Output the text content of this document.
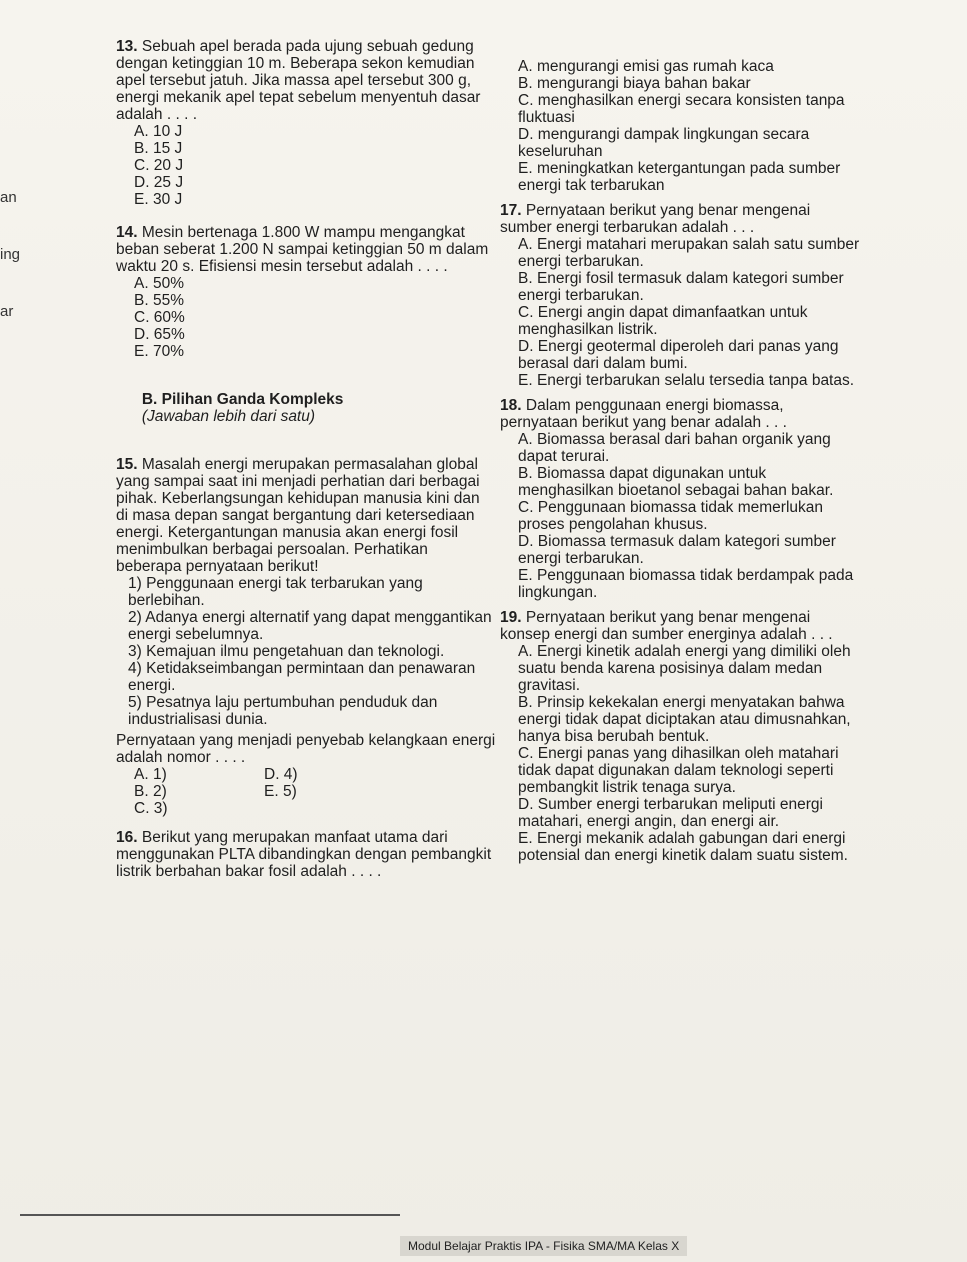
an

ing

ar

13. Sebuah apel berada pada ujung sebuah gedung dengan ketinggian 10 m. Beberapa sekon kemudian apel tersebut jatuh. Jika massa apel tersebut 300 g, energi mekanik apel tepat sebelum menyentuh dasar adalah . . . .
A. 10 J
B. 15 J
C. 20 J
D. 25 J
E. 30 J
14. Mesin bertenaga 1.800 W mampu mengangkat beban seberat 1.200 N sampai ketinggian 50 m dalam waktu 20 s. Efisiensi mesin tersebut adalah . . . .
A. 50%
B. 55%
C. 60%
D. 65%
E. 70%

B. Pilihan Ganda Kompleks
(Jawaban lebih dari satu)

15. Masalah energi merupakan permasalahan global yang sampai saat ini menjadi perhatian dari berbagai pihak. Keberlangsungan kehidupan manusia kini dan di masa depan sangat bergantung dari ketersediaan energi. Ketergantungan manusia akan energi fosil menimbulkan berbagai persoalan. Perhatikan beberapa pernyataan berikut!
1) Penggunaan energi tak terbarukan yang berlebihan.
2) Adanya energi alternatif yang dapat menggantikan energi sebelumnya.
3) Kemajuan ilmu pengetahuan dan teknologi.
4) Ketidakseimbangan permintaan dan penawaran energi.
5) Pesatnya laju pertumbuhan penduduk dan industrialisasi dunia.
Pernyataan yang menjadi penyebab kelangkaan energi adalah nomor . . . .
A. 1)	D. 4)
B. 2)	E. 5)
C. 3)
16. Berikut yang merupakan manfaat utama dari menggunakan PLTA dibandingkan dengan pembangkit listrik berbahan bakar fosil adalah . . . .
A. mengurangi emisi gas rumah kaca
B. mengurangi biaya bahan bakar
C. menghasilkan energi secara konsisten tanpa fluktuasi
D. mengurangi dampak lingkungan secara keseluruhan
E. meningkatkan ketergantungan pada sumber energi tak terbarukan
17. Pernyataan berikut yang benar mengenai sumber energi terbarukan adalah . . .
A. Energi matahari merupakan salah satu sumber energi terbarukan.
B. Energi fosil termasuk dalam kategori sumber energi terbarukan.
C. Energi angin dapat dimanfaatkan untuk menghasilkan listrik.
D. Energi geotermal diperoleh dari panas yang berasal dari dalam bumi.
E. Energi terbarukan selalu tersedia tanpa batas.
18. Dalam penggunaan energi biomassa, pernyataan berikut yang benar adalah . . .
A. Biomassa berasal dari bahan organik yang dapat terurai.
B. Biomassa dapat digunakan untuk menghasilkan bioetanol sebagai bahan bakar.
C. Penggunaan biomassa tidak memerlukan proses pengolahan khusus.
D. Biomassa termasuk dalam kategori sumber energi terbarukan.
E. Penggunaan biomassa tidak berdampak pada lingkungan.
19. Pernyataan berikut yang benar mengenai konsep energi dan sumber energinya adalah . . .
A. Energi kinetik adalah energi yang dimiliki oleh suatu benda karena posisinya dalam medan gravitasi.
B. Prinsip kekekalan energi menyatakan bahwa energi tidak dapat diciptakan atau dimusnahkan, hanya bisa berubah bentuk.
C. Energi panas yang dihasilkan oleh matahari tidak dapat digunakan dalam teknologi seperti pembangkit listrik tenaga surya.
D. Sumber energi terbarukan meliputi energi matahari, energi angin, dan energi air.
E. Energi mekanik adalah gabungan dari energi potensial dan energi kinetik dalam suatu sistem.
Modul Belajar Praktis IPA - Fisika SMA/MA Kelas X
